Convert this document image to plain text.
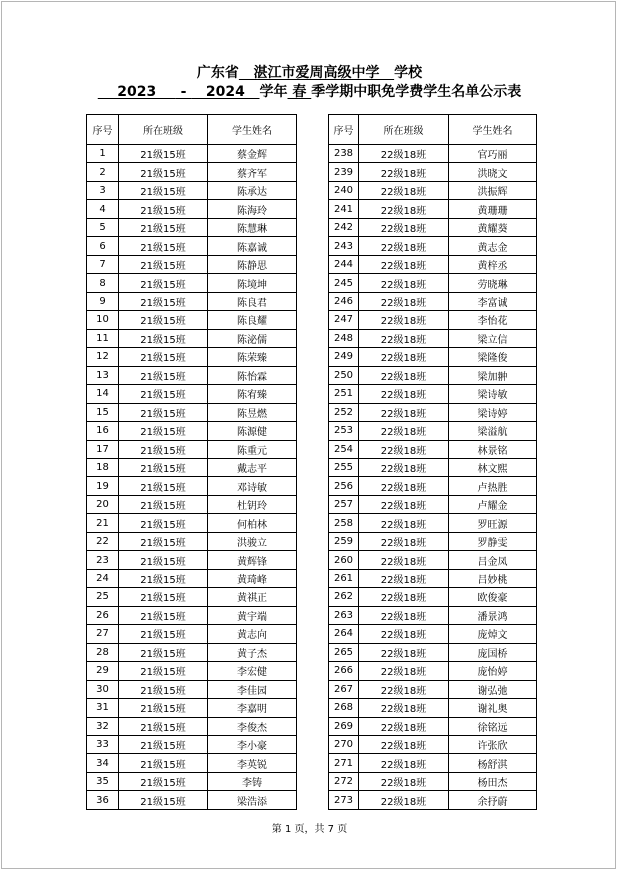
广东省   湛江市爱周高级中学   学校
2023     -    2024   学年 春 季学期中职免学费学生名单公示表
序号	所在班级	学生姓名
1	21级15班	蔡金辉
2	21级15班	蔡齐军
3	21级15班	陈承达
4	21级15班	陈海玲
5	21级15班	陈慧琳
6	21级15班	陈嘉诚
7	21级15班	陈静思
8	21级15班	陈境坤
9	21级15班	陈良君
10	21级15班	陈良耀
11	21级15班	陈泌儒
12	21级15班	陈荣臻
13	21级15班	陈怡霖
14	21级15班	陈宥臻
15	21级15班	陈昱燃
16	21级15班	陈源健
17	21级15班	陈重元
18	21级15班	戴志平
19	21级15班	邓诗敏
20	21级15班	杜钥玲
21	21级15班	何柏林
22	21级15班	洪骏立
23	21级15班	黄辉锋
24	21级15班	黄琦峰
25	21级15班	黄祺正
26	21级15班	黄宇端
27	21级15班	黄志向
28	21级15班	黄子杰
29	21级15班	李宏健
30	21级15班	李佳园
31	21级15班	李嘉明
32	21级15班	李俊杰
33	21级15班	李小豪
34	21级15班	李英锐
35	21级15班	李铸
36	21级15班	梁浩添
序号	所在班级	学生姓名
238	22级18班	官巧丽
239	22级18班	洪晓文
240	22级18班	洪振辉
241	22级18班	黄珊珊
242	22级18班	黄耀葵
243	22级18班	黄志金
244	22级18班	黄梓丞
245	22级18班	劳晓琳
246	22级18班	李富诚
247	22级18班	李怡花
248	22级18班	梁立信
249	22级18班	梁隆俊
250	22级18班	梁加翀
251	22级18班	梁诗敏
252	22级18班	梁诗婷
253	22级18班	梁溢航
254	22级18班	林景铭
255	22级18班	林文熙
256	22级18班	卢热胜
257	22级18班	卢耀金
258	22级18班	罗旺源
259	22级18班	罗静雯
260	22级18班	吕金凤
261	22级18班	吕妙桃
262	22级18班	欧俊豪
263	22级18班	潘景鸿
264	22级18班	庞焯文
265	22级18班	庞国桥
266	22级18班	庞怡婷
267	22级18班	谢弘弛
268	22级18班	谢礼奥
269	22级18班	徐铭远
270	22级18班	许张欣
271	22级18班	杨舒淇
272	22级18班	杨田杰
273	22级18班	余抒蔚
第 1 页，共 7 页
